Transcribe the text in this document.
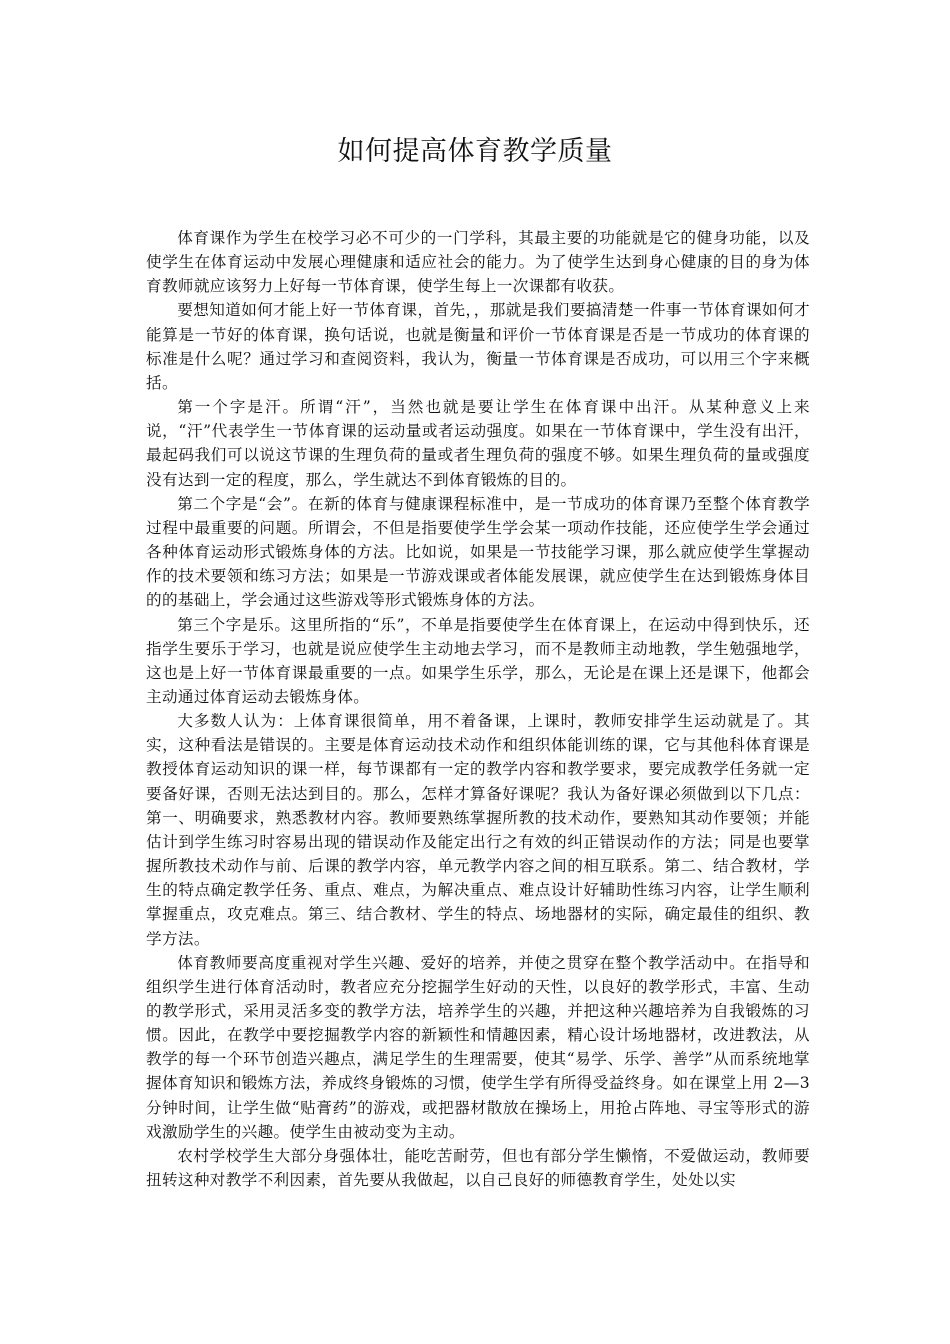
如何提高体育教学质量

体育课作为学生在校学习必不可少的一门学科，其最主要的功能就是它的健身功能，以及使学生在体育运动中发展心理健康和适应社会的能力。为了使学生达到身心健康的目的身为体育教师就应该努力上好每一节体育课，使学生每上一次课都有收获。

要想知道如何才能上好一节体育课，首先，，那就是我们要搞清楚一件事一节体育课如何才能算是一节好的体育课，换句话说，也就是衡量和评价一节体育课是否是一节成功的体育课的标准是什么呢？通过学习和查阅资料，我认为，衡量一节体育课是否成功，可以用三个字来概括。

第一个字是汗。所谓“汗”，当然也就是要让学生在体育课中出汗。从某种意义上来说，“汗”代表学生一节体育课的运动量或者运动强度。如果在一节体育课中，学生没有出汗，最起码我们可以说这节课的生理负荷的量或者生理负荷的强度不够。如果生理负荷的量或强度没有达到一定的程度，那么，学生就达不到体育锻炼的目的。

第二个字是“会”。在新的体育与健康课程标准中，是一节成功的体育课乃至整个体育教学过程中最重要的问题。所谓会，不但是指要使学生学会某一项动作技能，还应使学生学会通过各种体育运动形式锻炼身体的方法。比如说，如果是一节技能学习课，那么就应使学生掌握动作的技术要领和练习方法；如果是一节游戏课或者体能发展课，就应使学生在达到锻炼身体目的的基础上，学会通过这些游戏等形式锻炼身体的方法。

第三个字是乐。这里所指的“乐”，不单是指要使学生在体育课上，在运动中得到快乐，还指学生要乐于学习，也就是说应使学生主动地去学习，而不是教师主动地教，学生勉强地学，这也是上好一节体育课最重要的一点。如果学生乐学，那么，无论是在课上还是课下，他都会主动通过体育运动去锻炼身体。

大多数人认为：上体育课很简单，用不着备课，上课时，教师安排学生运动就是了。其实，这种看法是错误的。主要是体育运动技术动作和组织体能训练的课，它与其他科体育课是教授体育运动知识的课一样，每节课都有一定的教学内容和教学要求，要完成教学任务就一定要备好课，否则无法达到目的。那么，怎样才算备好课呢？我认为备好课必须做到以下几点：第一、明确要求，熟悉教材内容。教师要熟练掌握所教的技术动作，要熟知其动作要领；并能估计到学生练习时容易出现的错误动作及能定出行之有效的纠正错误动作的方法；同是也要掌握所教技术动作与前、后课的教学内容，单元教学内容之间的相互联系。第二、结合教材，学生的特点确定教学任务、重点、难点，为解决重点、难点设计好辅助性练习内容，让学生顺利掌握重点，攻克难点。第三、结合教材、学生的特点、场地器材的实际，确定最佳的组织、教学方法。

体育教师要高度重视对学生兴趣、爱好的培养，并使之贯穿在整个教学活动中。在指导和组织学生进行体育活动时，教者应充分挖掘学生好动的天性，以良好的教学形式，丰富、生动的教学形式，采用灵活多变的教学方法，培养学生的兴趣，并把这种兴趣培养为自我锻炼的习惯。因此，在教学中要挖掘教学内容的新颖性和情趣因素，精心设计场地器材，改进教法，从教学的每一个环节创造兴趣点，满足学生的生理需要，使其“易学、乐学、善学”从而系统地掌握体育知识和锻炼方法，养成终身锻炼的习惯，使学生学有所得受益终身。如在课堂上用 2—3 分钟时间，让学生做“贴膏药”的游戏，或把器材散放在操场上，用抢占阵地、寻宝等形式的游戏激励学生的兴趣。使学生由被动变为主动。

农村学校学生大部分身强体壮，能吃苦耐劳，但也有部分学生懒惰，不爱做运动，教师要扭转这种对教学不利因素，首先要从我做起，以自己良好的师德教育学生，处处以实
